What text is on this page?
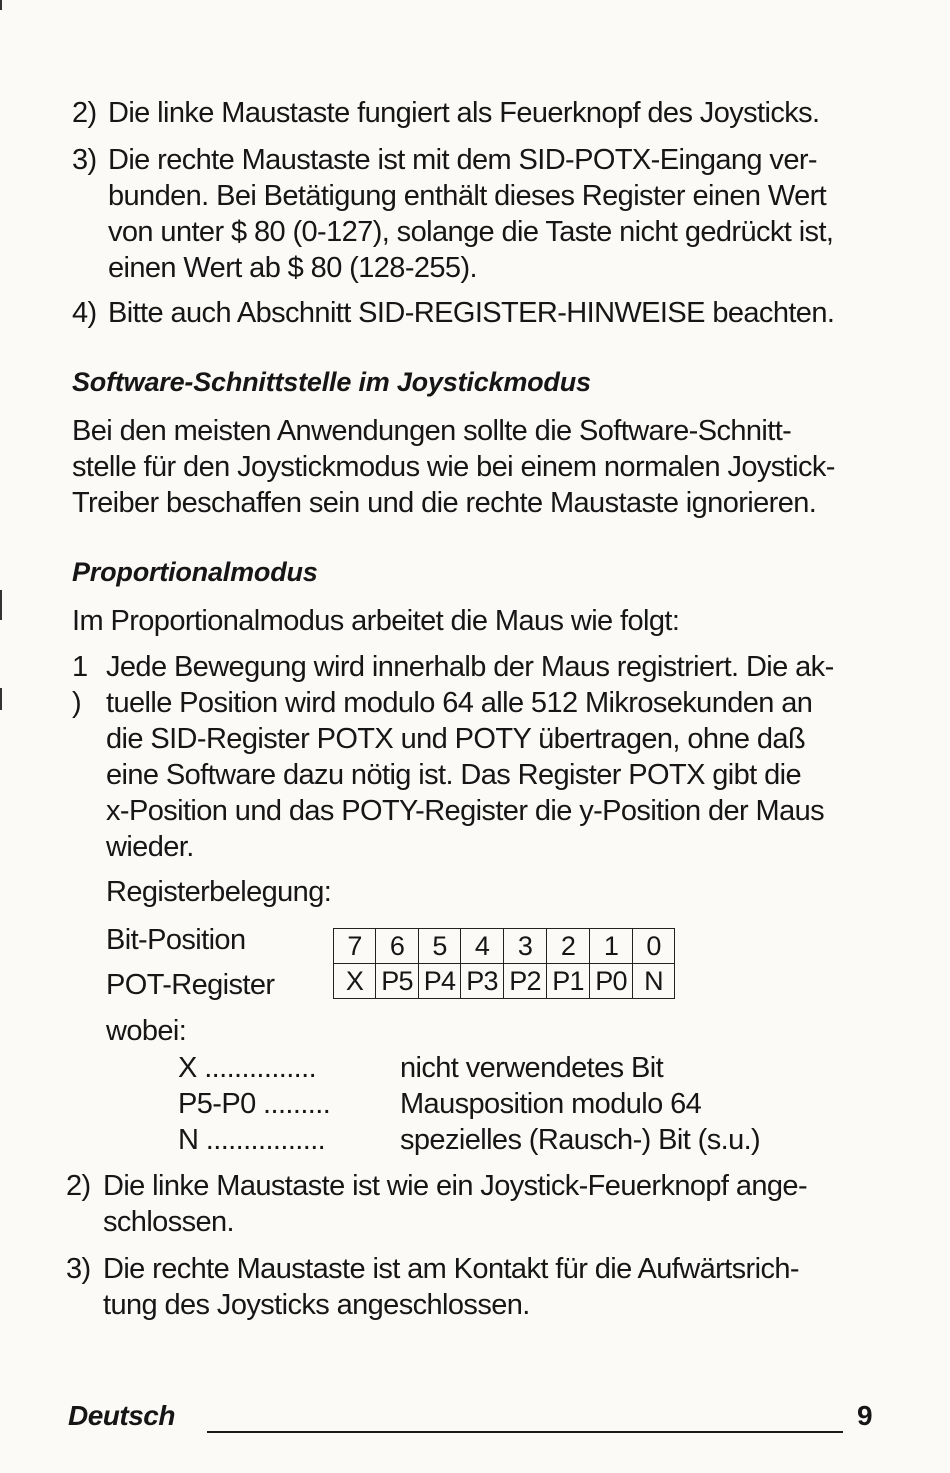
2) Die linke Maustaste fungiert als Feuerknopf des Joysticks.
3) Die rechte Maustaste ist mit dem SID-POTX-Eingang ver-
bunden. Bei Betätigung enthält dieses Register einen Wert
von unter $ 80 (0-127), solange die Taste nicht gedrückt ist,
einen Wert ab $ 80 (128-255).
4) Bitte auch Abschnitt SID-REGISTER-HINWEISE beachten.
Software-Schnittstelle im Joystickmodus
Bei den meisten Anwendungen sollte die Software-Schnitt-
stelle für den Joystickmodus wie bei einem normalen Joystick-
Treiber beschaffen sein und die rechte Maustaste ignorieren.
Proportionalmodus
Im Proportionalmodus arbeitet die Maus wie folgt:
1 )
Jede Bewegung wird innerhalb der Maus registriert. Die ak-
tuelle Position wird modulo 64 alle 512 Mikrosekunden an
die SID-Register POTX und POTY übertragen, ohne daß
eine Software dazu nötig ist. Das Register POTX gibt die
x-Position und das POTY-Register die y-Position der Maus
wieder.
Registerbelegung:
Bit-Position
POT-Register
7	6	5	4	3	2	1	0
X	P5	P4	P3	P2	P1	P0	N
wobei:
X ...............	nicht verwendetes Bit
P5-P0 ......... Mausposition modulo 64
N ................	spezielles (Rausch-) Bit (s.u.)
2) Die linke Maustaste ist wie ein Joystick-Feuerknopf ange-
schlossen.
3) Die rechte Maustaste ist am Kontakt für die Aufwärtsrich-
tung des Joysticks angeschlossen.
Deutsch	9
